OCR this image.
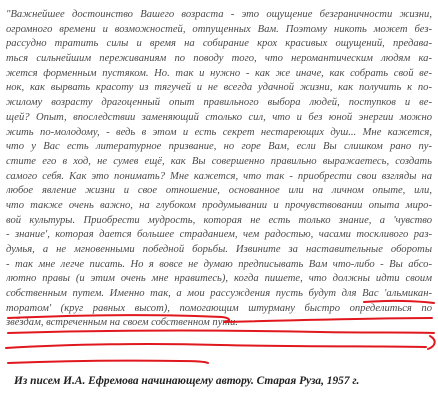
"Важнейшее достоинство Вашего возраста - это ощущение безграничности жизни,
огромного времени и возможностей, отпущенных Вам. Поэтому никоть может без-
рассудно тратить силы и время на собирание крох красивых ощущений, предава-
ться сильнейшим переживаниям по поводу того, что неромантическим людям ка-
жется форменным пустяком. Но. так и нужно - как же иначе, как собрать свой ве-
нок, как вырвать красоту из тягучей и не всегда удачной жизни, как получить к по-
жилому возрасту драгоценный опыт правильного выбора людей, поступков и ве-
щей? Опыт, впоследствии заменяющий столько сил, что и без юной энергии можно
жить по-молодому, - ведь в этом и есть секрет нестареющих душ... Мне кажется,
что у Вас есть литературное призвание, но горе Вам, если Вы слишком рано пу-
стите его в ход, не сумев ещё, как Вы совершенно правильно выражаетесь, создать
самого себя. Как это понимать? Мне кажется, что так - приобрести свои взгляды на
любое явление жизни и свое отношение, основанное или на личном опыте, или,
что также очень важно, на глубоком продумывании и прочувствовании опыта миро-
вой культуры. Приобрести мудрость, которая не есть только знание, а 'чувство
- знание', которая дается большее страданием, чем радостью, часами тоскливого раз-
думья, а не мгновенными победной борьбы. Извините за наставительные обороты
- так мне легче писать. Но я вовсе не думаю предписывать Вам что-либо - Вы абсо-
лютно правы (и этим очень мне нравитесь), когда пишете, что должны идти своим
собственным путем. Именно так, а мои рассуждения пусть будут для Вас 'альмикан-
торатом' (круг равных высот), помогающим штурману быстро определиться по
звёздам, встреченным на своем собственном пути.
Из писем И.А. Ефремова начинающему автору. Старая Руза, 1957 г.
